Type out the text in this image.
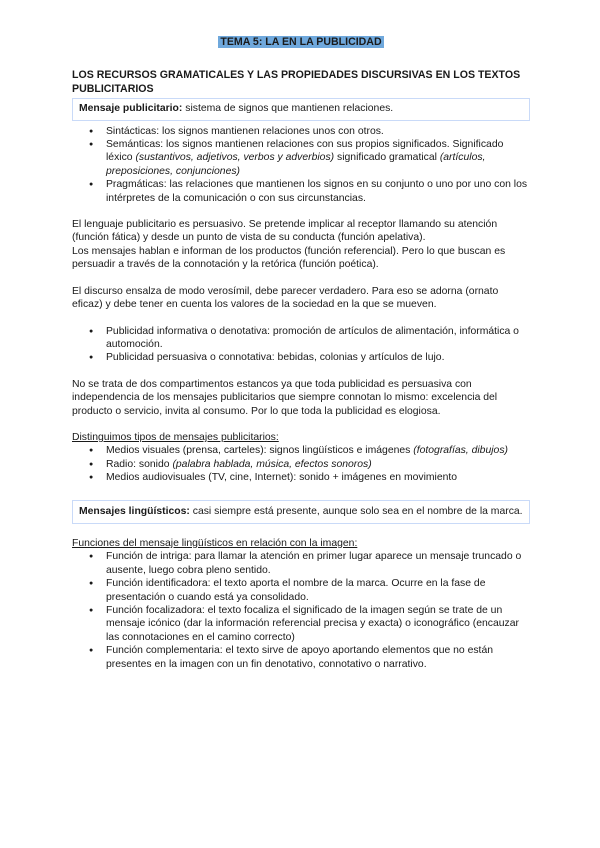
TEMA 5: LA EN LA PUBLICIDAD
LOS RECURSOS GRAMATICALES Y LAS PROPIEDADES DISCURSIVAS EN LOS TEXTOS PUBLICITARIOS
Mensaje publicitario: sistema de signos que mantienen relaciones.
● Sintácticas: los signos mantienen relaciones unos con otros.
● Semánticas: los signos mantienen relaciones con sus propios significados. Significado léxico (sustantivos, adjetivos, verbos y adverbios) significado gramatical (artículos, preposiciones, conjunciones)
● Pragmáticas: las relaciones que mantienen los signos en su conjunto o uno por uno con los intérpretes de la comunicación o con sus circunstancias.

El lenguaje publicitario es persuasivo. Se pretende implicar al receptor llamando su atención (función fática) y desde un punto de vista de su conducta (función apelativa).

Los mensajes hablan e informan de los productos (función referencial). Pero lo que buscan es persuadir a través de la connotación y la retórica (función poética).

El discurso ensalza de modo verosímil, debe parecer verdadero. Para eso se adorna (ornato eficaz) y debe tener en cuenta los valores de la sociedad en la que se mueven.

● Publicidad informativa o denotativa: promoción de artículos de alimentación, informática o automoción.
● Publicidad persuasiva o connotativa: bebidas, colonias y artículos de lujo.

No se trata de dos compartimentos estancos ya que toda publicidad es persuasiva con independencia de los mensajes publicitarios que siempre connotan lo mismo: excelencia del producto o servicio, invita al consumo. Por lo que toda la publicidad es elogiosa.

Distinguimos tipos de mensajes publicitarios:

● Medios visuales (prensa, carteles): signos lingüísticos e imágenes (fotografías, dibujos)
● Radio: sonido (palabra hablada, música, efectos sonoros)
● Medios audiovisuales (TV, cine, Internet): sonido + imágenes en movimiento
Mensajes lingüísticos: casi siempre está presente, aunque solo sea en el nombre de la marca.

Funciones del mensaje lingüísticos en relación con la imagen:

● Función de intriga: para llamar la atención en primer lugar aparece un mensaje truncado o ausente, luego cobra pleno sentido.
● Función identificadora: el texto aporta el nombre de la marca. Ocurre en la fase de presentación o cuando está ya consolidado.
● Función focalizadora: el texto focaliza el significado de la imagen según se trate de un mensaje icónico (dar la información referencial precisa y exacta) o iconográfico (encauzar las connotaciones en el camino correcto)
● Función complementaria: el texto sirve de apoyo aportando elementos que no están presentes en la imagen con un fin denotativo, connotativo o narrativo.
